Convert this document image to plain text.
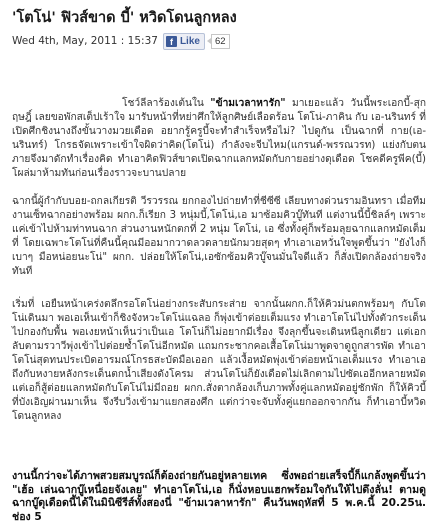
'โตโน่' ฟิวส์ขาด บี้' หวิดโดนลูกหลง
Wed 4th, May, 2011 : 15:37	f Like	62

โชว์ลีลาร้องเต้นใน "ข้ามเวลาหารัก" มาเยอะแล้ว วันนี้พระเอกบี้-สุกฤษฎิ์ เลยขอพักสเต็ปเร้าใจ มารับหน้าที่หย่าศึกให้ลูกศิษย์เลือดร้อน โตโน่-ภาคิน กับ เอ-นรินทร์ ที่เปิดศึกชิงนางถึงขั้นวางมวยเดือด อยากรู้ครูบี้จะทำสำเร็จหรือไม่? ไปดูกัน เป็นฉากที่ กาย(เอ-นรินทร์) โกรธจัดเพราะเข้าใจผิดว่าคิด(โตโน่) กำลังจะจีบไหม(แกรนด์-พรรณวรท) แย่งกับตน ภายจึงมาดักทำเรื่องคิด ทำเอาคิดฟิวส์ขาดเปิดฉากแลกหมัดกับกายอย่างดุเดือด โชคดีครูพีค(บี้) โผล่มาห้ามทันก่อนเรื่องราวจะบานปลาย

ฉากนี้ผู้กำกับบอย-ถกลเกียรติ วีรวรรณ ยกกองไปถ่ายทำที่ชีซีซี เลียบทางด่วนรามอินทรา เมื่อทีมงานเซ็ทฉากอย่างพร้อม ผกก.ก็เรียก 3 หนุ่มบี้,โตโน่,เอ มาซ้อมคิวบู๊ทันที แต่งานนี้บี้ชิลล์ๆ เพราะแค่เข้าไปห้ามท่าทนฉาก ส่วนงานหนักตกที่ 2 หนุ่ม โตโน่, เอ ซึ่งทั้งคู่ก็พร้อมลุยฉากแลกหมัดเต็มที่ โดยเฉพาะโตโน่ที่คืนนี้คุณมีออมากวาดลวดลายนักมวยสุดๆ ทำเอาเอหวั่นใจพูดขึ้นว่า "ยังไงก็เบาๆ มือหน่อยนะโน่" ผกก. ปล่อยให้โตโน่,เอซักซ้อมคิวบู๊จนมั่นใจดีแล้ว ก็สั่งเปิดกล้องถ่ายจริงทันที

เริ่มที่ เอยืนหน้าเคร่งตลึกรอโตโน่อย่างกระสับกระส่าย จากนั้นผกก.ก็ให้คิวม่นตกพร้อมๆ กับโตโน่เดินมา พอเอเห็นเข้าก็ชิงจังหวะโตโน่แฉลอ ก็พุ่งเข้าต่อยเต็มแรง ทำเอาโตโน่ไปทั้งตัวกระเด็นไปกองกับพื้น พอเงยหน้าเห็นว่าเป็นเอ โตโน่ก็ไม่อยากมีเรื่อง จึงลุกขึ้นจะเดินหนีลูกเดียว แต่เอกลับตามรวาวีพุ่งเข้าไปต่อยซ้ำโตโน่อีกหมัด แถมกระชากคอเสื้อโตโน่มาพูดจาดูถูกสารพัด ทำเอาโตโน่สุดทนประเบิดอารมณ์โกรธสะบัดมือเออก แล้วเงื้อหมัดพุ่งเข้าต่อยหน้าเอเต็มแรง ทำเอาเอถึงกับหงายหลังกระเด็นตกน้ำเสียงดังโครม ส่วนโตโน่ก็ยังเดือดไม่เลิกตามไปซัดเออีกหลายหมัด แต่เอก็สู้ต่อยแลกหมัดกับโตโน่ไม่มีถอย ผกก.สั่งตากล้องเก็บภาพทั้งคู่แลกหมัดอยู่ชักพัก ก็ให้คิวบี้ที่บังเอิญผ่านมาเห็น จึงรีบวิ่งเข้ามาแยกสองศึก แต่กว่าจะจับทั้งคู่แยกออกจากกัน ก็ทำเอาบี้หวิดโดนลูกหลง

งานนี้กว่าจะได้ภาพสวยสมบูรณ์ก็ต้องถ่ายกันอยู่หลายเทค ซึ่งพอถ่ายเสร็จบี้ก็แกล้งพูดขึ้นว่า "เฮ้อ เล่นฉากบู๊เหนื่อยจังเลย" ทำเอาโตโน่,เอ ก็นั่งหอบแฮกพร้อมใจกันให้ไปดึงลั่น! ตามดูฉากบู๊ดุเดือดนี้ได้ในมินิซีรีส์ทั้งสองนี่ "ข้ามเวลาหารัก" คืนวันพฤหัสที่ 5 พ.ค.นี้ 20.25น. ช่อง 5
